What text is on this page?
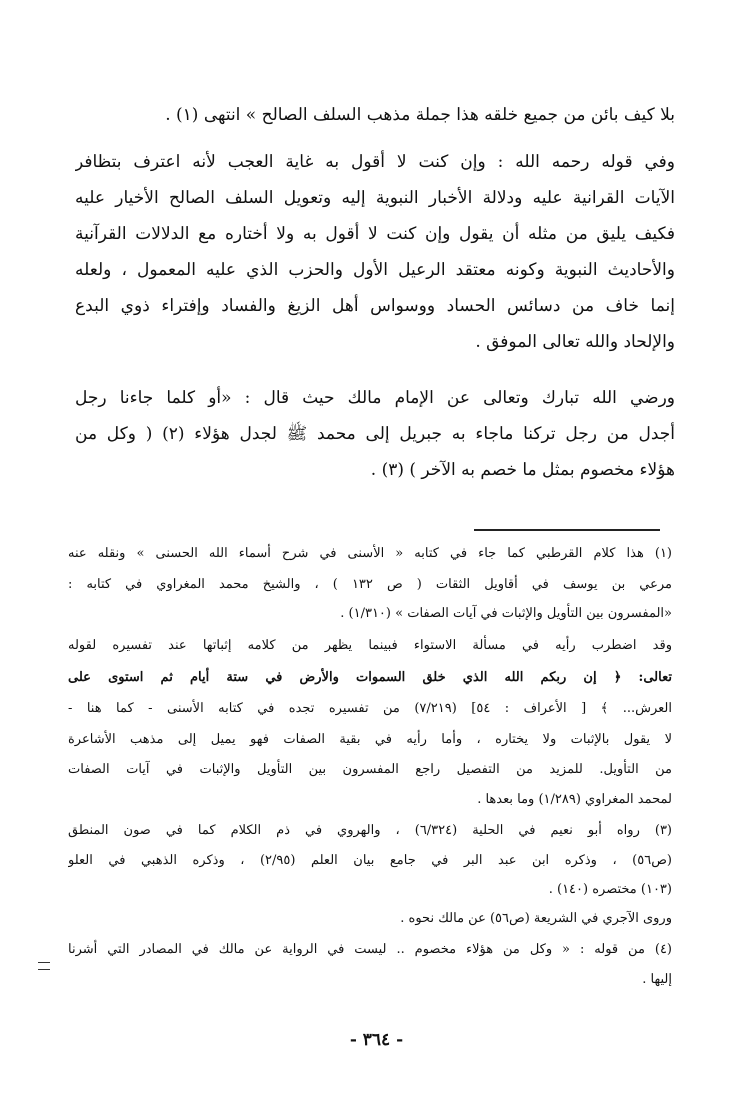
بلا كيف بائن من جميع خلقه هذا جملة مذهب السلف الصالح » انتهى (١) .
وفي قوله رحمه الله : وإن كنت لا أقول به غاية العجب لأنه اعترف بتظافر
الآيات القرانية عليه ودلالة الأخبار النبوية إليه وتعويل السلف الصالح الأخيار عليه
فكيف يليق من مثله أن يقول وإن كنت لا أقول به ولا أختاره مع الدلالات القرآنية
والأحاديث النبوية وكونه معتقد الرعيل الأول والحزب الذي عليه المعمول ، ولعله
إنما خاف من دسائس الحساد ووسواس أهل الزيغ والفساد وإفتراء ذوي البدع
والإلحاد والله تعالى الموفق .
ورضي الله تبارك وتعالى عن الإمام مالك حيث قال : «أو كلما جاءنا رجل
أجدل من رجل تركنا ماجاء به جبريل إلى محمد ﷺ لجدل هؤلاء (٢) ( وكل من
هؤلاء مخصوم بمثل ما خصم به الآخر ) (٣) .
(١) هذا كلام القرطبي كما جاء في كتابه « الأسنى في شرح أسماء الله الحسنى » ونقله عنه
مرعي بن يوسف في أقاويل الثقات ( ص ١٣٢ ) ، والشيخ محمد المغراوي في كتابه :
«المفسرون بين التأويل والإثبات في آيات الصفات » (١/٣١٠) .
وقد اضطرب رأيه في مسألة الاستواء فبينما يظهر من كلامه إثباتها عند تفسيره لقوله
تعالى: ﴿ إن ربكم الله الذي خلق السموات والأرض في ستة أيام ثم استوى على
العرش... ﴾ [ الأعراف : ٥٤] (٧/٢١٩) من تفسيره تجده في كتابه الأسنى - كما هنا -
لا يقول بالإثبات ولا يختاره ، وأما رأيه في بقية الصفات فهو يميل إلى مذهب الأشاعرة
من التأويل. للمزيد من التفصيل راجع المفسرون بين التأويل والإثبات في آيات الصفات
لمحمد المغراوي (١/٢٨٩) وما بعدها .
(٣) رواه أبو نعيم في الحلية (٦/٣٢٤) ، والهروي في ذم الكلام كما في صون المنطق
(ص٥٦) ، وذكره ابن عبد البر في جامع بيان العلم (٢/٩٥) ، وذكره الذهبي في العلو
(١٠٣) مختصره (١٤٠) .
وروى الآجري في الشريعة (ص٥٦) عن مالك نحوه .
(٤) من قوله : « وكل من هؤلاء مخصوم .. ليست في الرواية عن مالك في المصادر التي أشرنا
إليها .
- ٣٦٤ -
